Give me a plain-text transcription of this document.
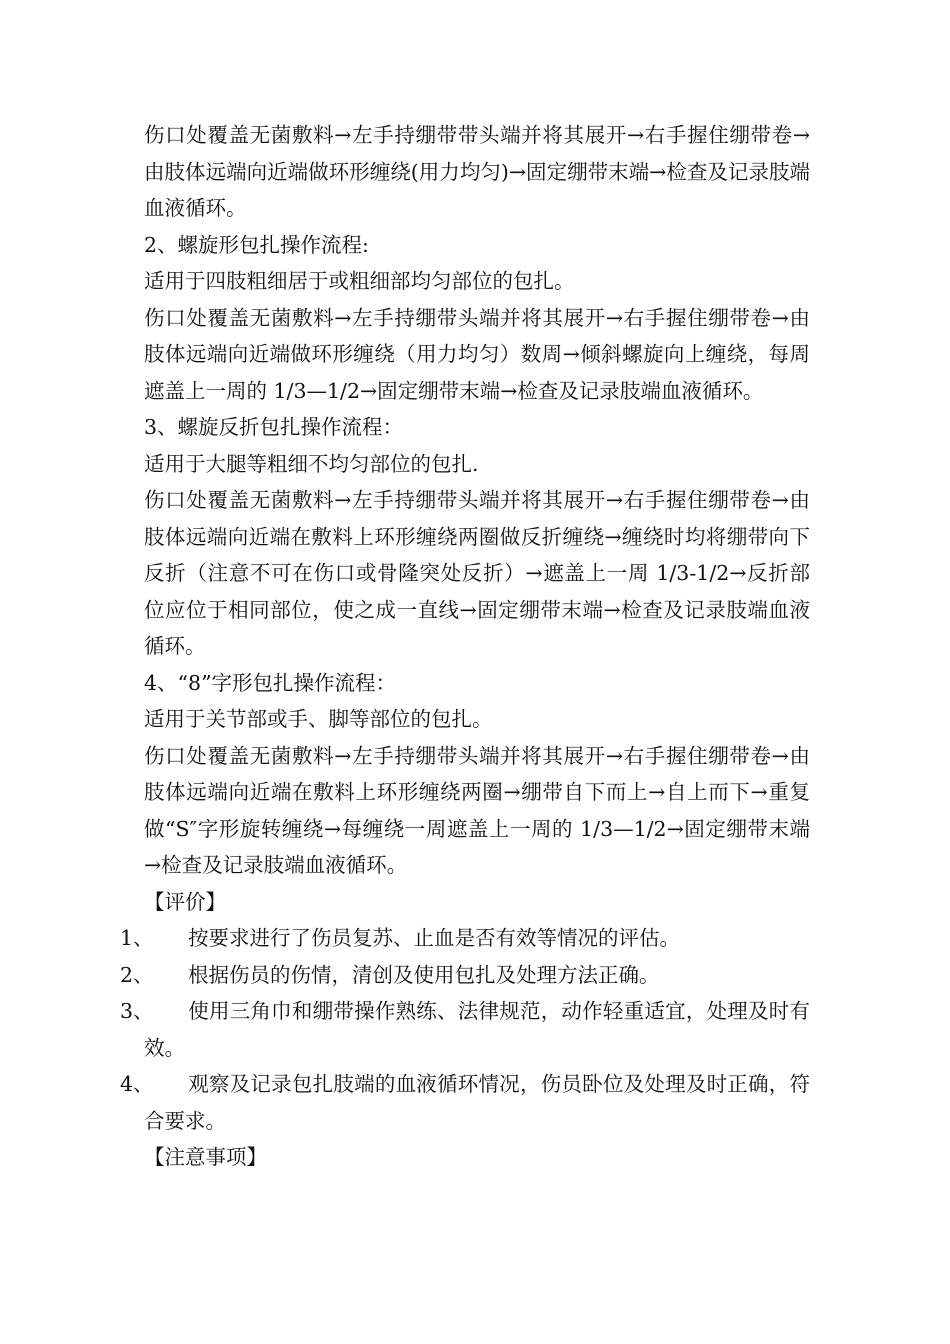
伤口处覆盖无菌敷料→左手持绷带带头端并将其展开→右手握住绷带卷→由肢体远端向近端做环形缠绕(用力均匀)→固定绷带末端→检查及记录肢端血液循环。

2、螺旋形包扎操作流程:

适用于四肢粗细居于或粗细部均匀部位的包扎。

伤口处覆盖无菌敷料→左手持绷带头端并将其展开→右手握住绷带卷→由肢体远端向近端做环形缠绕（用力均匀）数周→倾斜螺旋向上缠绕，每周遮盖上一周的 1/3—1/2→固定绷带末端→检查及记录肢端血液循环。

3、螺旋反折包扎操作流程：

适用于大腿等粗细不均匀部位的包扎.

伤口处覆盖无菌敷料→左手持绷带头端并将其展开→右手握住绷带卷→由肢体远端向近端在敷料上环形缠绕两圈做反折缠绕→缠绕时均将绷带向下反折（注意不可在伤口或骨隆突处反折）→遮盖上一周 1/3-1/2→反折部位应位于相同部位，使之成一直线→固定绷带末端→检查及记录肢端血液循环。

4、“8”字形包扎操作流程：

适用于关节部或手、脚等部位的包扎。

伤口处覆盖无菌敷料→左手持绷带头端并将其展开→右手握住绷带卷→由肢体远端向近端在敷料上环形缠绕两圈→绷带自下而上→自上而下→重复做“S″字形旋转缠绕→每缠绕一周遮盖上一周的 1/3—1/2→固定绷带末端→检查及记录肢端血液循环。

【评价】

1、 按要求进行了伤员复苏、止血是否有效等情况的评估。

2、 根据伤员的伤情，清创及使用包扎及处理方法正确。

3、 使用三角巾和绷带操作熟练、法律规范，动作轻重适宜，处理及时有效。

4、 观察及记录包扎肢端的血液循环情况，伤员卧位及处理及时正确，符合要求。

【注意事项】
